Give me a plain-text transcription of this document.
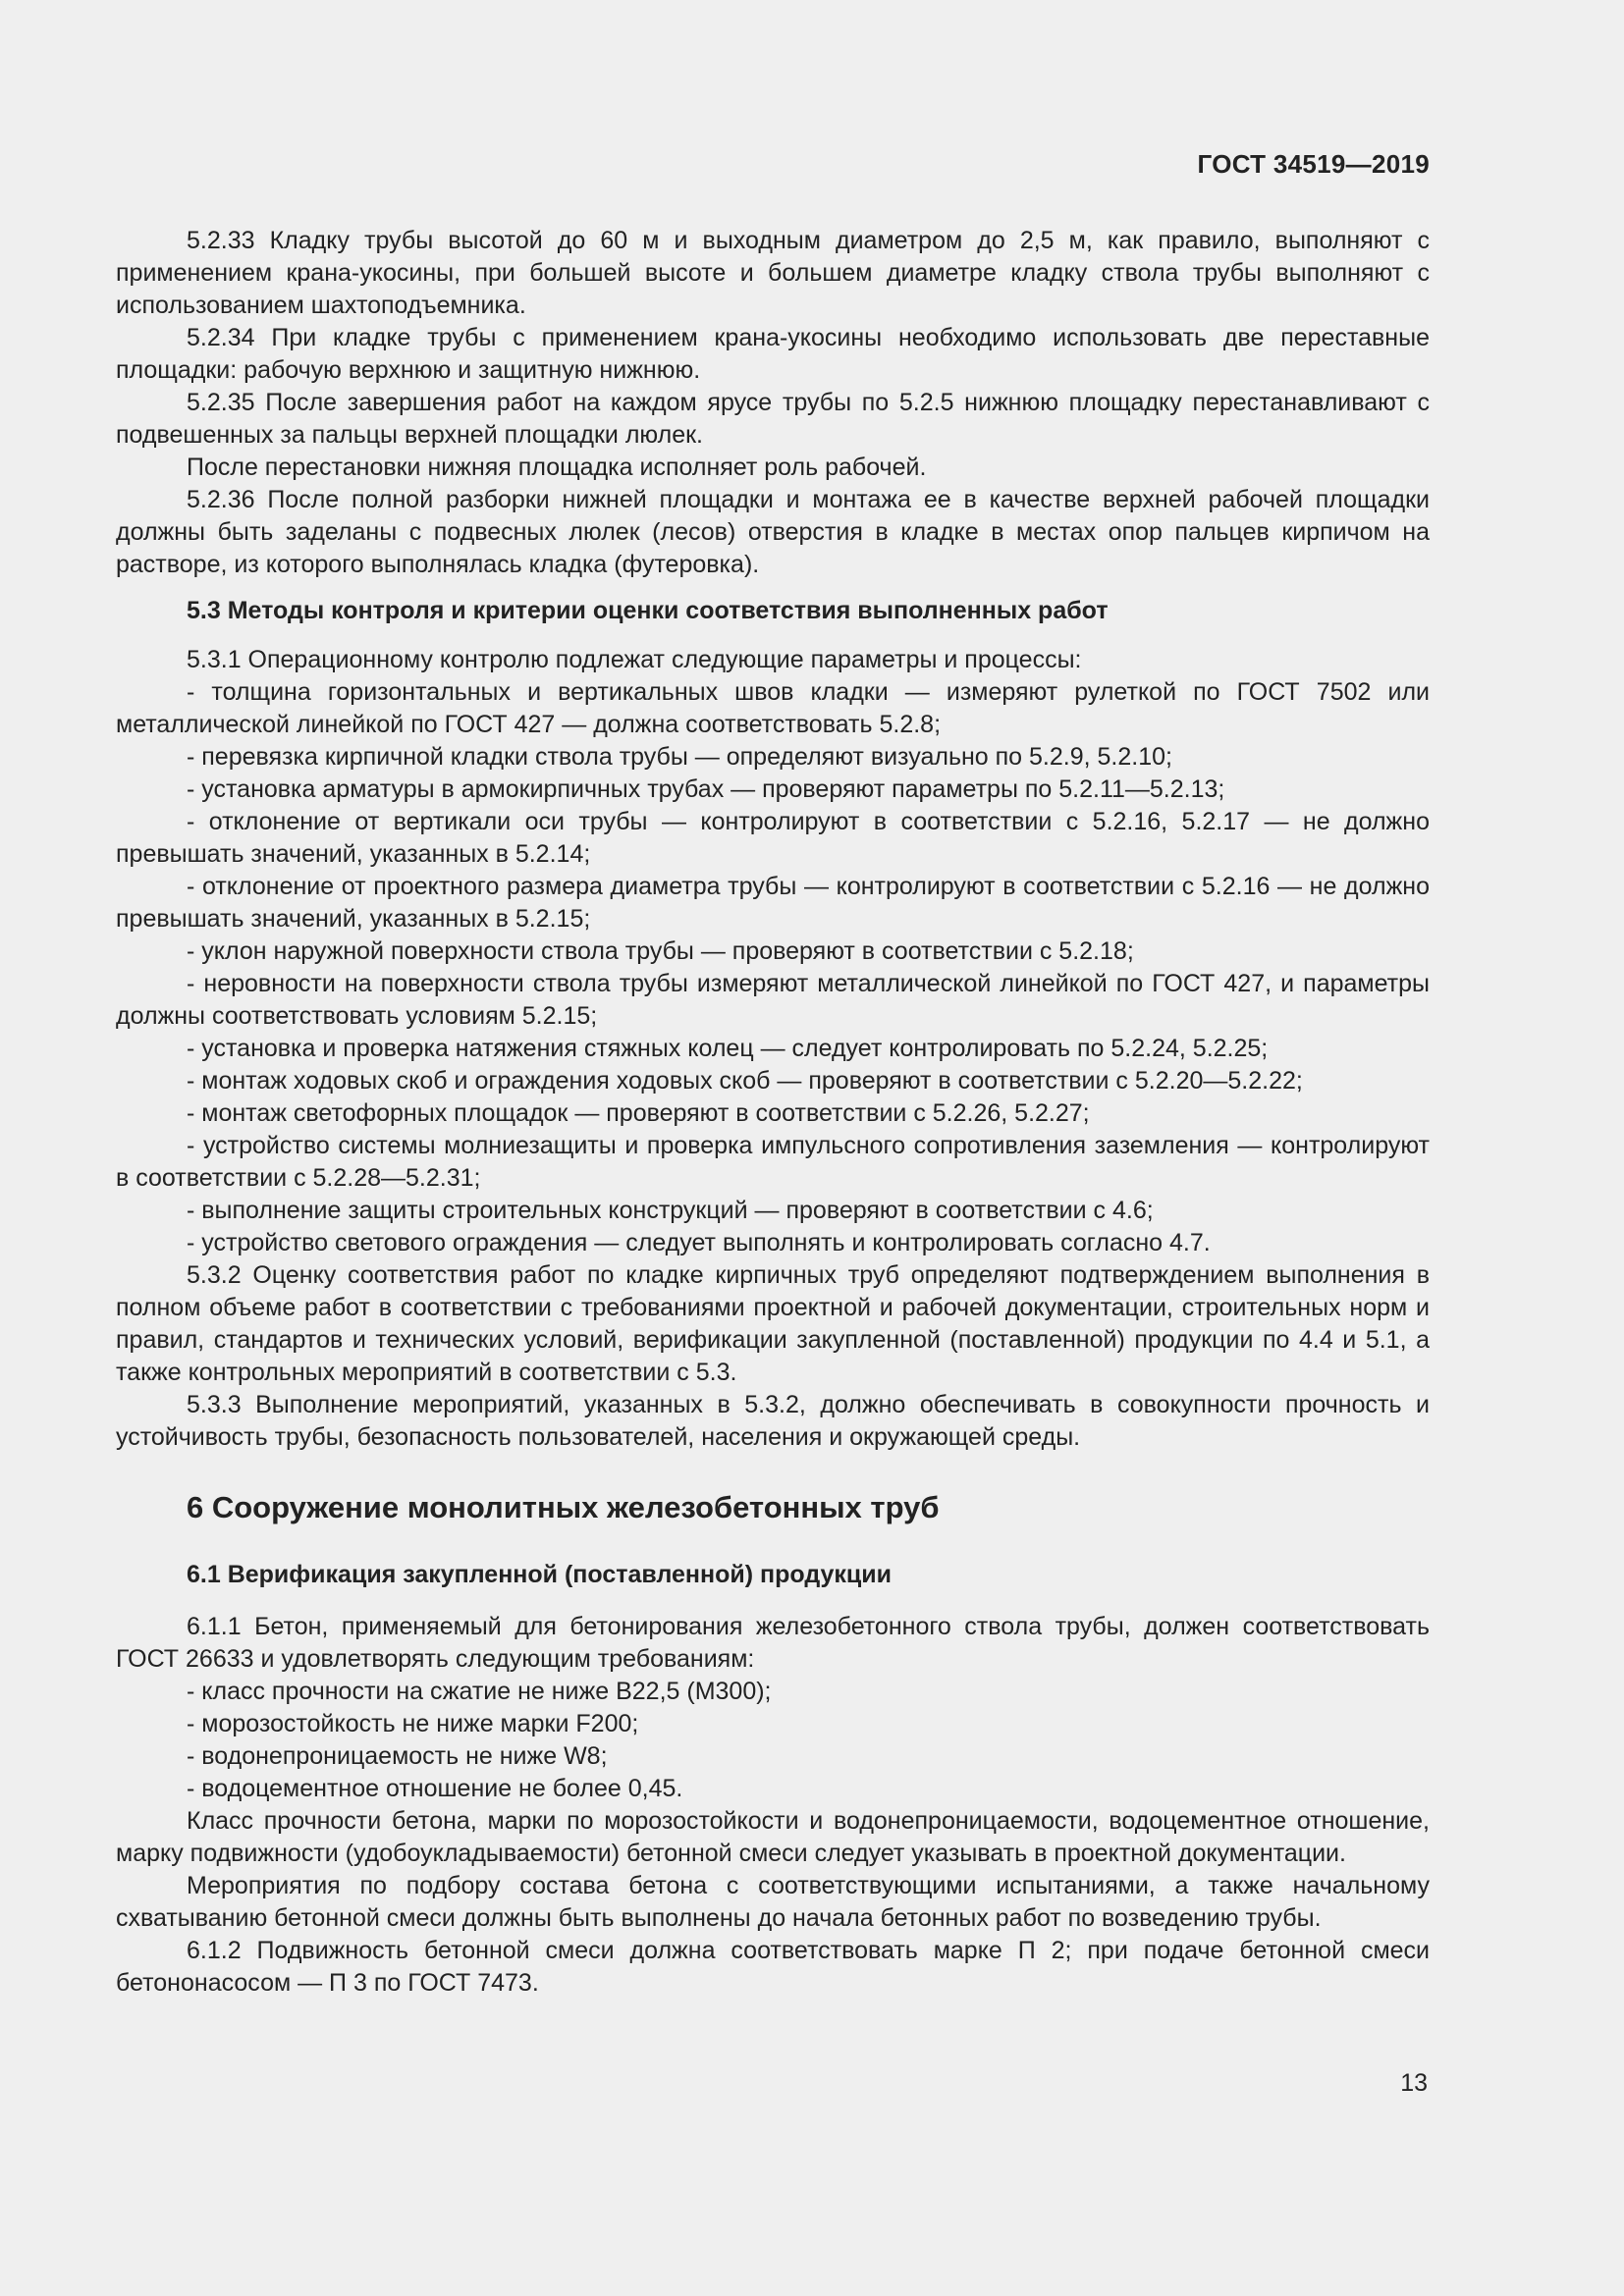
ГОСТ 34519—2019

5.2.33 Кладку трубы высотой до 60 м и выходным диаметром до 2,5 м, как правило, выполняют с применением крана-укосины, при большей высоте и большем диаметре кладку ствола трубы выполняют с использованием шахтоподъемника.

5.2.34 При кладке трубы с применением крана-укосины необходимо использовать две переставные площадки: рабочую верхнюю и защитную нижнюю.

5.2.35 После завершения работ на каждом ярусе трубы по 5.2.5 нижнюю площадку перестанавливают с подвешенных за пальцы верхней площадки люлек.

После перестановки нижняя площадка исполняет роль рабочей.

5.2.36 После полной разборки нижней площадки и монтажа ее в качестве верхней рабочей площадки должны быть заделаны с подвесных люлек (лесов) отверстия в кладке в местах опор пальцев кирпичом на растворе, из которого выполнялась кладка (футеровка).

5.3 Методы контроля и критерии оценки соответствия выполненных работ

5.3.1 Операционному контролю подлежат следующие параметры и процессы:

- толщина горизонтальных и вертикальных швов кладки — измеряют рулеткой по ГОСТ 7502 или металлической линейкой по ГОСТ 427 — должна соответствовать 5.2.8;

- перевязка кирпичной кладки ствола трубы — определяют визуально по 5.2.9, 5.2.10;

- установка арматуры в армокирпичных трубах — проверяют параметры по 5.2.11—5.2.13;

- отклонение от вертикали оси трубы — контролируют в соответствии с 5.2.16, 5.2.17 — не должно превышать значений, указанных в 5.2.14;

- отклонение от проектного размера диаметра трубы — контролируют в соответствии с 5.2.16 — не должно превышать значений, указанных в 5.2.15;

- уклон наружной поверхности ствола трубы — проверяют в соответствии с 5.2.18;

- неровности на поверхности ствола трубы измеряют металлической линейкой по ГОСТ 427, и параметры должны соответствовать условиям 5.2.15;

- установка и проверка натяжения стяжных колец — следует контролировать по 5.2.24, 5.2.25;

- монтаж ходовых скоб и ограждения ходовых скоб — проверяют в соответствии с 5.2.20—5.2.22;

- монтаж светофорных площадок — проверяют в соответствии с 5.2.26, 5.2.27;

- устройство системы молниезащиты и проверка импульсного сопротивления заземления — контролируют в соответствии с 5.2.28—5.2.31;

- выполнение защиты строительных конструкций — проверяют в соответствии с 4.6;

- устройство светового ограждения — следует выполнять и контролировать согласно 4.7.

5.3.2 Оценку соответствия работ по кладке кирпичных труб определяют подтверждением выполнения в полном объеме работ в соответствии с требованиями проектной и рабочей документации, строительных норм и правил, стандартов и технических условий, верификации закупленной (поставленной) продукции по 4.4 и 5.1, а также контрольных мероприятий в соответствии с 5.3.

5.3.3 Выполнение мероприятий, указанных в 5.3.2, должно обеспечивать в совокупности прочность и устойчивость трубы, безопасность пользователей, населения и окружающей среды.

6 Сооружение монолитных железобетонных труб

6.1 Верификация закупленной (поставленной) продукции

6.1.1 Бетон, применяемый для бетонирования железобетонного ствола трубы, должен соответствовать ГОСТ 26633 и удовлетворять следующим требованиям:

- класс прочности на сжатие не ниже В22,5 (М300);

- морозостойкость не ниже марки F200;

- водонепроницаемость не ниже W8;

- водоцементное отношение не более 0,45.

Класс прочности бетона, марки по морозостойкости и водонепроницаемости, водоцементное отношение, марку подвижности (удобоукладываемости) бетонной смеси следует указывать в проектной документации.

Мероприятия по подбору состава бетона с соответствующими испытаниями, а также начальному схватыванию бетонной смеси должны быть выполнены до начала бетонных работ по возведению трубы.

6.1.2 Подвижность бетонной смеси должна соответствовать марке П 2; при подаче бетонной смеси бетононасосом — П 3 по ГОСТ 7473.

13
